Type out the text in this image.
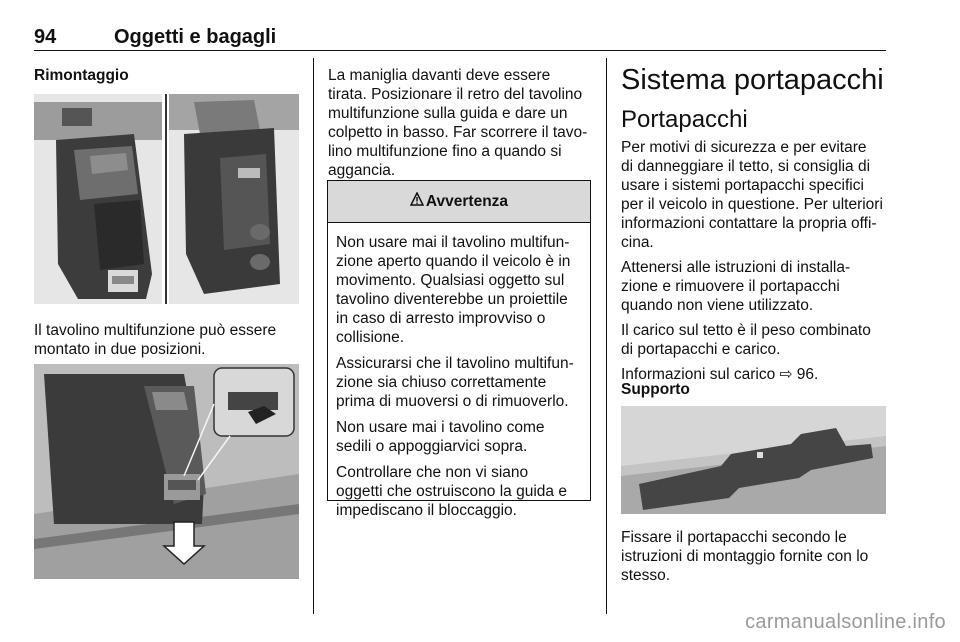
94	Oggetti e bagagli
Rimontaggio
Il tavolino multifunzione può essere
montato in due posizioni.
La maniglia davanti deve essere
tirata. Posizionare il retro del tavolino
multifunzione sulla guida e dare un
colpetto in basso. Far scorrere il tavo-
lino multifunzione fino a quando si
aggancia.
Avvertenza

Non usare mai il tavolino multifun-
zione aperto quando il veicolo è in
movimento. Qualsiasi oggetto sul
tavolino diventerebbe un proiettile
in caso di arresto improvviso o
collisione.

Assicurarsi che il tavolino multifun-
zione sia chiuso correttamente
prima di muoversi o di rimuoverlo.

Non usare mai i tavolino come
sedili o appoggiarvici sopra.

Controllare che non vi siano
oggetti che ostruiscono la guida e
impediscano il bloccaggio.

Sistema portapacchi
Portapacchi

Per motivi di sicurezza e per evitare
di danneggiare il tetto, si consiglia di
usare i sistemi portapacchi specifici
per il veicolo in questione. Per ulteriori
informazioni contattare la propria offi-
cina.

Attenersi alle istruzioni di installa-
zione e rimuovere il portapacchi
quando non viene utilizzato.

Il carico sul tetto è il peso combinato
di portapacchi e carico.

Informazioni sul carico ⇨ 96.

Supporto
Fissare il portapacchi secondo le
istruzioni di montaggio fornite con lo
stesso.
carmanualsonline.info
